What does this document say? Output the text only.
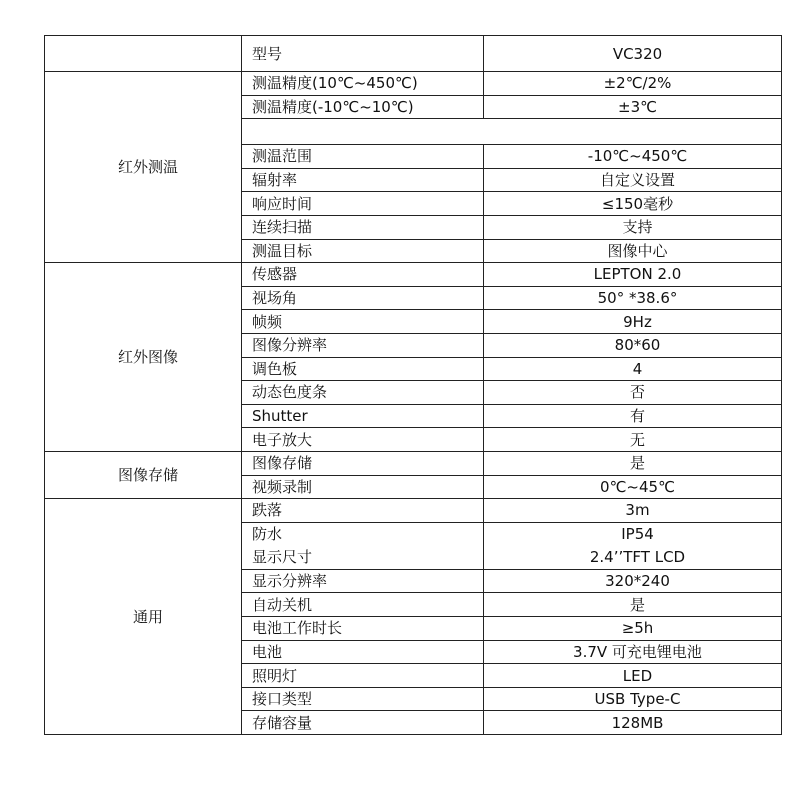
	型号	VC320
红外测温	测温精度(10℃~450℃)	±2℃/2%
	测温精度(-10℃~10℃)	±3℃

	测温范围	-10℃~450℃
	辐射率	自定义设置
	响应时间	≤150毫秒
	连续扫描	支持
	测温目标	图像中心
红外图像	传感器	LEPTON 2.0
	视场角	50° *38.6°
	帧频	9Hz
	图像分辨率	80*60
	调色板	4
	动态色度条	否
	Shutter	有
	电子放大	无
图像存储	图像存储	是
	视频录制	0℃~45℃
通用	跌落	3m
	防水	IP54
	显示尺寸	2.4’’TFT LCD
	显示分辨率	320*240
	自动关机	是
	电池工作时长	≥5h
	电池	3.7V 可充电锂电池
	照明灯	LED
	接口类型	USB Type-C
	存储容量	128MB
